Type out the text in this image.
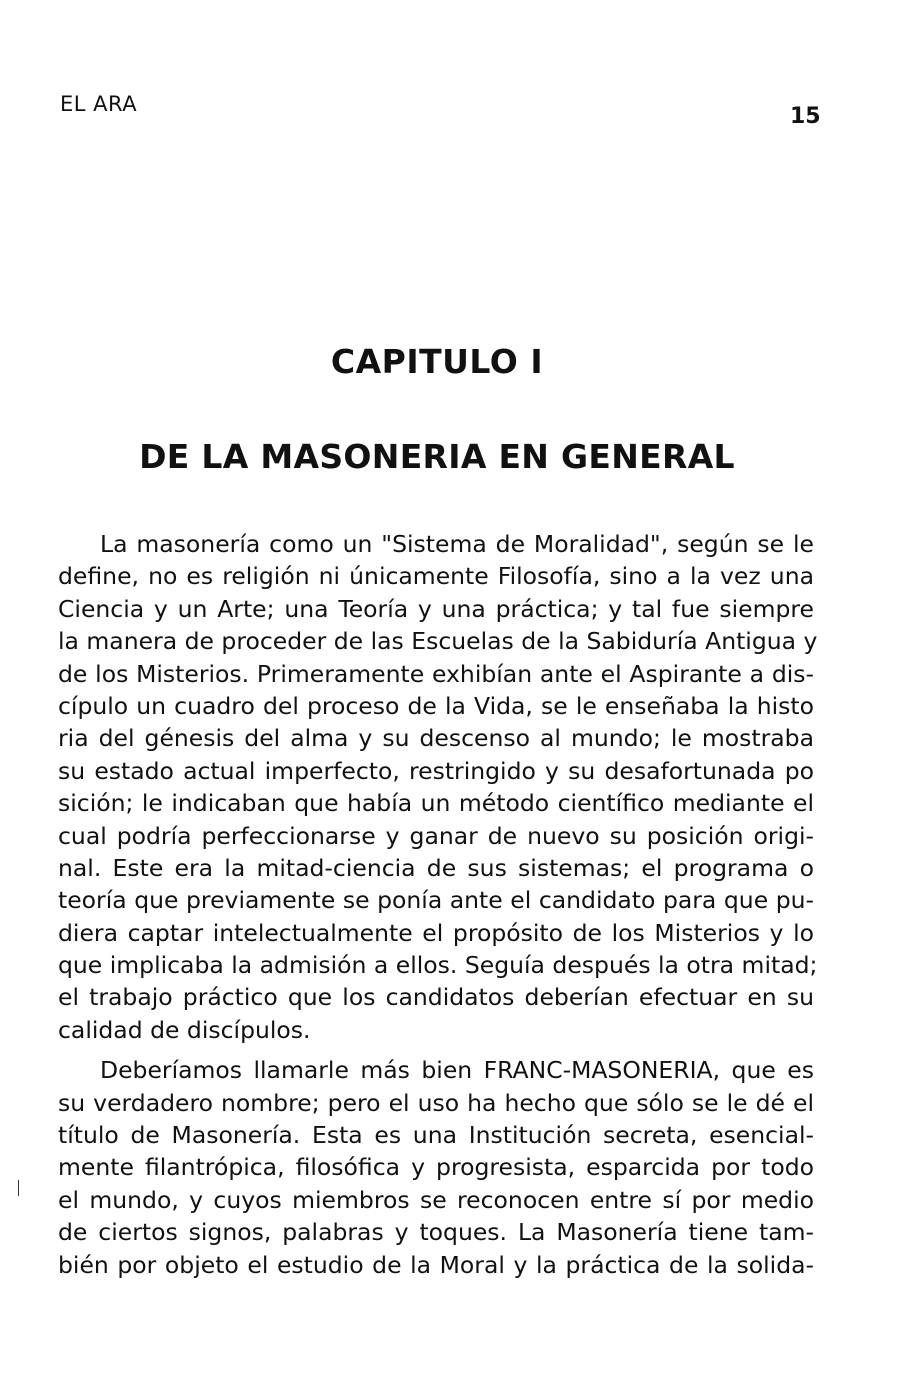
EL ARA	15
CAPITULO I
DE LA MASONERIA EN GENERAL
La masonería como un "Sistema de Moralidad", según se le
define, no es religión ni únicamente Filosofía, sino a la vez una
Ciencia y un Arte; una Teoría y una práctica; y tal fue siempre
la manera de proceder de las Escuelas de la Sabiduría Antigua y
de los Misterios. Primeramente exhibían ante el Aspirante a dis-
cípulo un cuadro del proceso de la Vida, se le enseñaba la histo
ria del génesis del alma y su descenso al mundo; le mostraba
su estado actual imperfecto, restringido y su desafortunada po
sición; le indicaban que había un método científico mediante el
cual podría perfeccionarse y ganar de nuevo su posición origi-
nal. Este era la mitad-ciencia de sus sistemas; el programa o
teoría que previamente se ponía ante el candidato para que pu-
diera captar intelectualmente el propósito de los Misterios y lo
que implicaba la admisión a ellos. Seguía después la otra mitad;
el trabajo práctico que los candidatos deberían efectuar en su
calidad de discípulos.
Deberíamos llamarle más bien FRANC-MASONERIA, que es
su verdadero nombre; pero el uso ha hecho que sólo se le dé el
título de Masonería. Esta es una Institución secreta, esencial-
mente filantrópica, filosófica y progresista, esparcida por todo
el mundo, y cuyos miembros se reconocen entre sí por medio
de ciertos signos, palabras y toques. La Masonería tiene tam-
bién por objeto el estudio de la Moral y la práctica de la solida-
